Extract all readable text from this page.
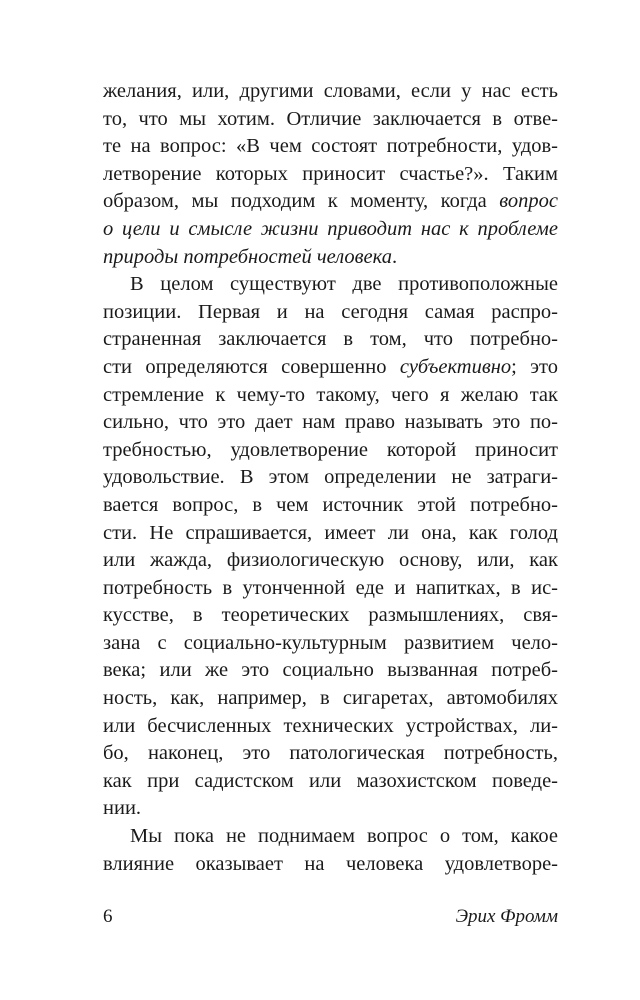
желания, или, другими словами, если у нас есть
то, что мы хотим. Отличие заключается в отве-
те на вопрос: «В чем состоят потребности, удов-
летворение которых приносит счастье?». Таким
образом, мы подходим к моменту, когда вопрос
о цели и смысле жизни приводит нас к проблеме
природы потребностей человека.
В целом существуют две противоположные
позиции. Первая и на сегодня самая распро-
страненная заключается в том, что потребно-
сти определяются совершенно субъективно; это
стремление к чему-то такому, чего я желаю так
сильно, что это дает нам право называть это по-
требностью, удовлетворение которой приносит
удовольствие. В этом определении не затраги-
вается вопрос, в чем источник этой потребно-
сти. Не спрашивается, имеет ли она, как голод
или жажда, физиологическую основу, или, как
потребность в утонченной еде и напитках, в ис-
кусстве, в теоретических размышлениях, свя-
зана с социально-культурным развитием чело-
века; или же это социально вызванная потреб-
ность, как, например, в сигаретах, автомобилях
или бесчисленных технических устройствах, ли-
бо, наконец, это патологическая потребность,
как при садистском или мазохистском поведе-
нии.
Мы пока не поднимаем вопрос о том, какое
влияние оказывает на человека удовлетворе-
6	Эрих Фромм
